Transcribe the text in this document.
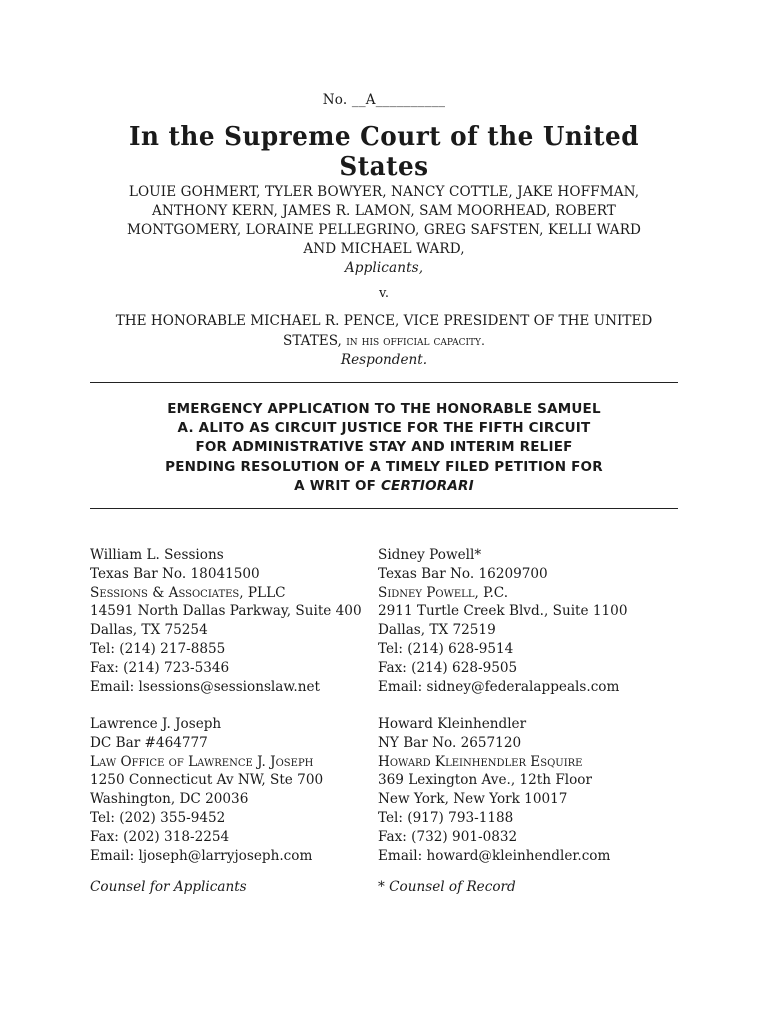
No. __A__________
In the Supreme Court of the United States
LOUIE GOHMERT, TYLER BOWYER, NANCY COTTLE, JAKE HOFFMAN,
ANTHONY KERN, JAMES R. LAMON, SAM MOORHEAD, ROBERT
MONTGOMERY, LORAINE PELLEGRINO, GREG SAFSTEN, KELLI WARD
AND MICHAEL WARD,
Applicants,
v.
THE HONORABLE MICHAEL R. PENCE, VICE PRESIDENT OF THE UNITED
STATES, in his official capacity.
Respondent.
EMERGENCY APPLICATION TO THE HONORABLE SAMUEL
A. ALITO AS CIRCUIT JUSTICE FOR THE FIFTH CIRCUIT
FOR ADMINISTRATIVE STAY AND INTERIM RELIEF
PENDING RESOLUTION OF A TIMELY FILED PETITION FOR
A WRIT OF CERTIORARI
William L. Sessions
Texas Bar No. 18041500
Sessions & Associates, PLLC
14591 North Dallas Parkway, Suite 400
Dallas, TX 75254
Tel: (214) 217-8855
Fax: (214) 723-5346
Email: lsessions@sessionslaw.net
Sidney Powell*
Texas Bar No. 16209700
Sidney Powell, P.C.
2911 Turtle Creek Blvd., Suite 1100
Dallas, TX 72519
Tel: (214) 628-9514
Fax: (214) 628-9505
Email: sidney@federalappeals.com
Lawrence J. Joseph
DC Bar #464777
Law Office of Lawrence J. Joseph
1250 Connecticut Av NW, Ste 700
Washington, DC 20036
Tel: (202) 355-9452
Fax: (202) 318-2254
Email: ljoseph@larryjoseph.com
Howard Kleinhendler
NY Bar No. 2657120
Howard Kleinhendler Esquire
369 Lexington Ave., 12th Floor
New York, New York 10017
Tel: (917) 793-1188
Fax: (732) 901-0832
Email: howard@kleinhendler.com
Counsel for Applicants	* Counsel of Record
